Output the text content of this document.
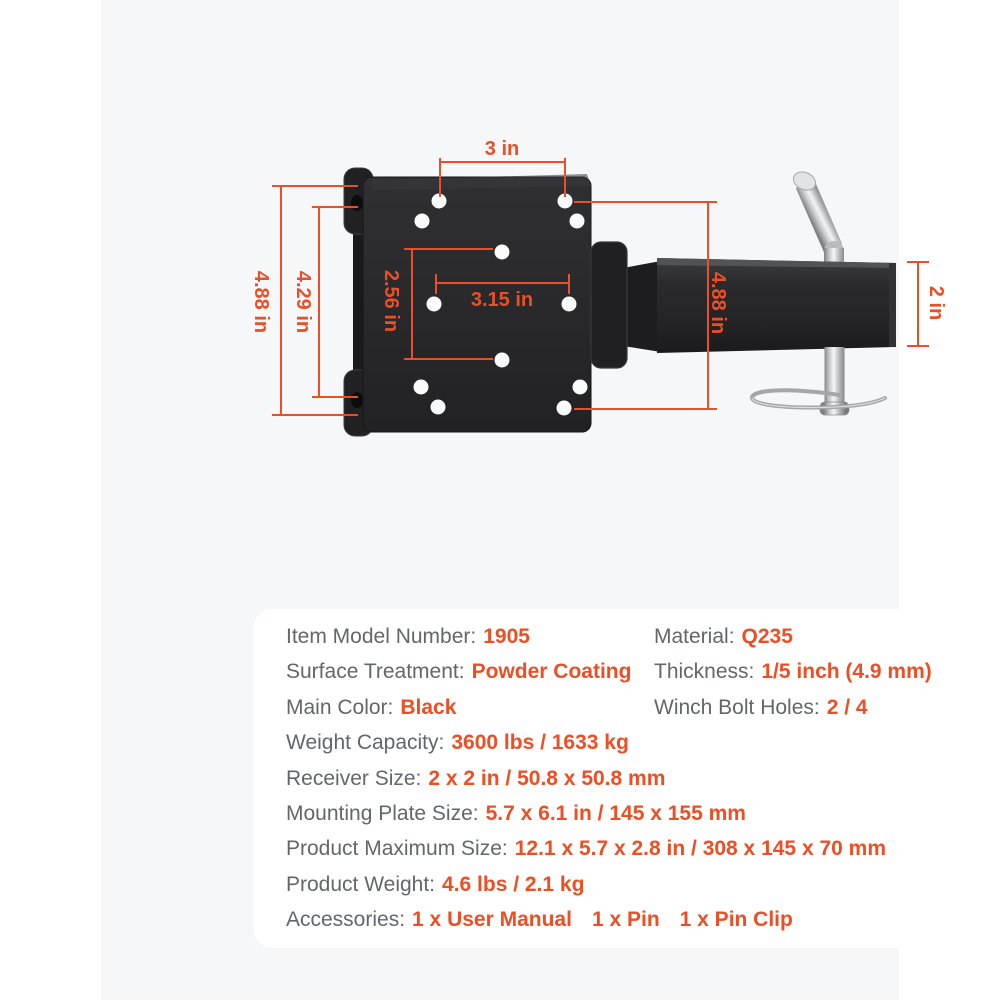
3 in
4.88 in 4.29 in	2.56 in	3.15 in	4.88 in	2 in
Item Model Number: 1905
Surface Treatment: Powder Coating
Main Color: Black
Weight Capacity: 3600 lbs / 1633 kg
Receiver Size: 2 x 2 in / 50.8 x 50.8 mm
Mounting Plate Size: 5.7 x 6.1 in / 145 x 155 mm
Product Maximum Size: 12.1 x 5.7 x 2.8 in / 308 x 145 x 70 mm
Product Weight: 4.6 lbs / 2.1 kg
Accessories: 1 x User Manual 1 x Pin 1 x Pin Clip
Material: Q235
Thickness: 1/5 inch (4.9 mm)
Winch Bolt Holes: 2 / 4
